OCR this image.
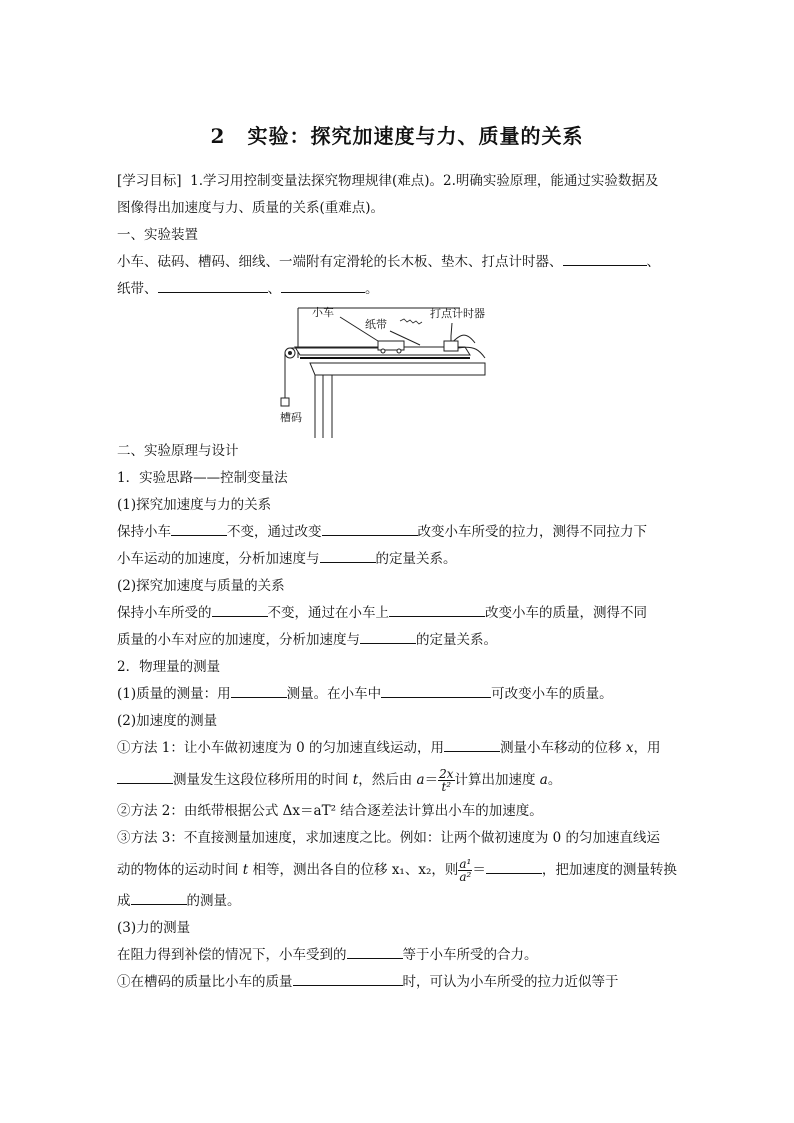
2 实验：探究加速度与力、质量的关系
[学习目标] 1.学习用控制变量法探究物理规律(难点)。2.明确实验原理，能通过实验数据及
图像得出加速度与力、质量的关系(重难点)。
一、实验装置
小车、砝码、槽码、细线、一端附有定滑轮的长木板、垫木、打点计时器、	、
纸带、	、	。
小车
纸带
打点计时器
槽码
二、实验原理与设计
1．实验思路——控制变量法
(1)探究加速度与力的关系
保持小车	不变，通过改变	改变小车所受的拉力，测得不同拉力下
小车运动的加速度，分析加速度与	的定量关系。
(2)探究加速度与质量的关系
保持小车所受的	不变，通过在小车上	改变小车的质量，测得不同
质量的小车对应的加速度，分析加速度与	的定量关系。
2．物理量的测量
(1)质量的测量：用	测量。在小车中	可改变小车的质量。
(2)加速度的测量
①方法 1：让小车做初速度为 0 的匀加速直线运动，用	测量小车移动的位移 x，用
测量发生这段位移所用的时间 t，然后由 $a= \frac{2x}{\text{t²}}$ 计算出加速度 a。
②方法 2：由纸带根据公式 Δx＝aT² 结合逐差法计算出小车的加速度。
③方法 3：不直接测量加速度，求加速度之比。例如：让两个做初速度为 0 的匀加速直线运
动的物体的运动时间 t 相等，测出各自的位移 x₁、x₂，则 $\frac{\text{a¹}}{\text{a²}}$ ＝	，把加速度的测量转换
成	的测量。
(3)力的测量
在阻力得到补偿的情况下，小车受到的	等于小车所受的合力。
①在槽码的质量比小车的质量	时，可认为小车所受的拉力近似等于
